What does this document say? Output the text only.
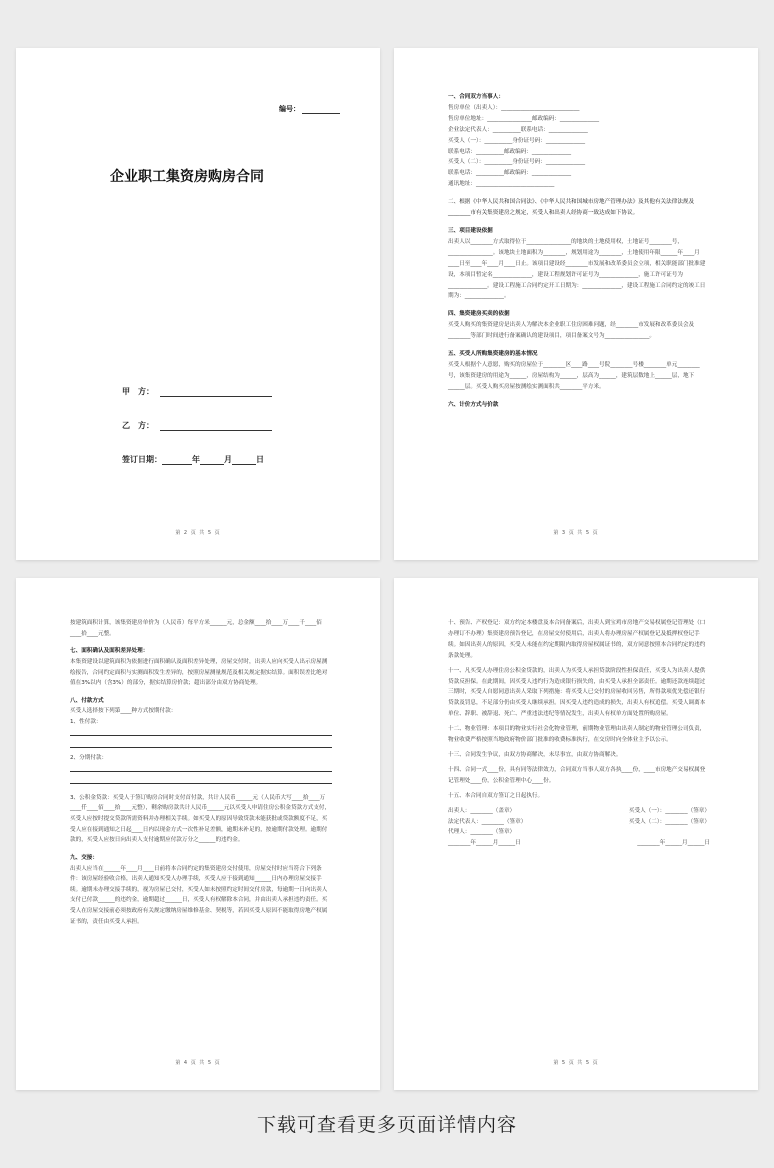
编号：
企业职工集资房购房合同
甲　方：
乙　方：
签订日期：	年	月	日
第 2 页 共 5 页

一、合同双方当事人：

售房单位（出卖人）：____________________________

售房单位地址：________________邮政编码：______________

企业法定代表人：__________联系电话：______________

买受人（一）：__________身份证号码：______________

联系电话：__________邮政编码：______________

买受人（二）：__________身份证号码：______________

联系电话：__________邮政编码：______________

通讯地址：____________________________

二、根据《中华人民共和国合同法》、《中华人民共和国城市房地产管理办法》及其他有关法律法规及________市有关集资建房之规定，买受人和出卖人经协商一致达成如下协议。

三、项目建设依据

出卖人以________方式取得位于________________的地块的土地使用权，土地证号________号，________________。该地块土地面积为________，规划用途为________，土地使用年限______年____月____日至____年____月____日止。该项目建设经________市发展和改革委员会立项，相关职能部门批准建设，本项目暂定名______________，建设工程规划许可证号为______________，施工许可证号为______________。建设工程施工合同约定开工日期为：______________，建设工程施工合同约定的竣工日期为：______________。

四、集资建房买卖的依据

买受人购买的集资建房是出卖人为解决本企业职工住房困难问题，经________市发展和改革委员会及________等部门时间进行备案确认的建设项目，项目备案文号为________________。

五、买受人所购集资建房的基本情况

买受人根据个人意愿，购买的房屋位于________区____路____号院________号楼________单元________号，该集资建房的用途为______，房屋结构为______，层高为______，建筑层数地上______层，地下______层。买受人购买房屋按测绘实测面积共________平方米。

六、计价方式与价款

第 3 页 共 5 页

按建筑面积计算，该集资建房单价为（人民币）每平方米______元，总金额____拾____万____千____佰____拾____元整。

七、面积确认及面积差异处理：

本集资建设以建筑面积为依据进行面积确认及面积差异处理，房屋交付时，出卖人应向买受人出示房屋测绘报告，合同约定面积与实测面积发生差异的，按照房屋测量规范及相关规定据实结算。面积误差比绝对值在3%以内（含3%）的部分，据实结算房价款；超出部分由双方协商处理。

八、付款方式

买受人选择按下列第____种方式按期付款：

1、性付款：

2、分期付款：

3、公积金贷款：买受人于签订购房合同时支付首付款，共计人民币______元（人民币大写____拾____万____仟____佰____拾____元整），剩余购房款共计人民币______元以买受人申请住房公积金贷款方式支付，买受人应按时提交贷款所需资料并办理相关手续。如买受人的原因导致贷款未能获批或贷款额度不足，买受人应在接到通知之日起____日内以现金方式一次性补足差额，逾期未补足的，按逾期付款处理。逾期付款的，买受人应按日向出卖人支付逾期应付款万分之______的违约金。

九、交接：

出卖人应当在______年____月____日前将本合同约定的集资建房交付使用，房屋交付时应当符合下列条件：该房屋经验收合格，出卖人通知买受人办理手续，买受人应于接到通知______日内办理房屋交接手续。逾期未办理交接手续的，视为房屋已交付，买受人如未按照约定时间交付房款，每逾期一日向出卖人支付已付款______的违约金，逾期超过______日，买受人有权解除本合同，并由出卖人承担违约责任。买受人在房屋交接前必须按政府有关规定缴纳房屋维修基金、契税等，若因买受人原因不能取得房地产权属证书的，责任由买受人承担。

第 4 页 共 5 页

十、预告、产权登记：双方约定本楼盘及本合同备案后，出卖人到宝鸡市房地产交易权属登记管理处（口办理订不办理）集资建房预告登记，在房屋交付使用后，出卖人将办理房屋产权属登记及抵押权登记手续。如因出卖人的原因，买受人未能在约定期限内取得房屋权属证书的，双方同意按照本合同约定的违约条款处理。

十一、凡买受人办理住房公积金贷款的，出卖人为买受人承担贷款阶段性担保责任，买受人为出卖人提供贷款反担保。在此期间，因买受人违约行为造成银行损失的，由买受人承担全部责任。逾期还款连续超过三期时，买受人自愿同意出卖人采取下列措施：将买受人已交付的房屋收回另售，所得款项优先偿还银行贷款及罚息，不足部分仍由买受人继续承担。因买受人违约造成的损失，出卖人有权追偿。买受人调离本单位、辞职、被辞退、死亡、严重违法违纪等情况发生，出卖人有权单方面处置所购房屋。

十二、物业管理：本项目的物业实行社会化物业管理，前期物业管理由出卖人制定的物业管理公司负责，物业收费严格按照当地政府物价部门批准的收费标准执行，在交房时向全体业主予以公示。

十三、合同发生争议，由双方协商解决，未尽事宜，由双方协商解决。

十四、合同一式____份，具有同等法律效力，合同双方当事人双方各执____份，____市房地产交易权属登记管理处____份，公积金管理中心____份。

十五、本合同自双方签订之日起执行。

出卖人：________（盖章）	买受人（一）：________（签章）
法定代表人：________（签章）	买受人（二）：________（签章）
代理人：________（签章）
________年______月______日	________年______月______日
第 5 页 共 5 页
下载可查看更多页面详情内容
